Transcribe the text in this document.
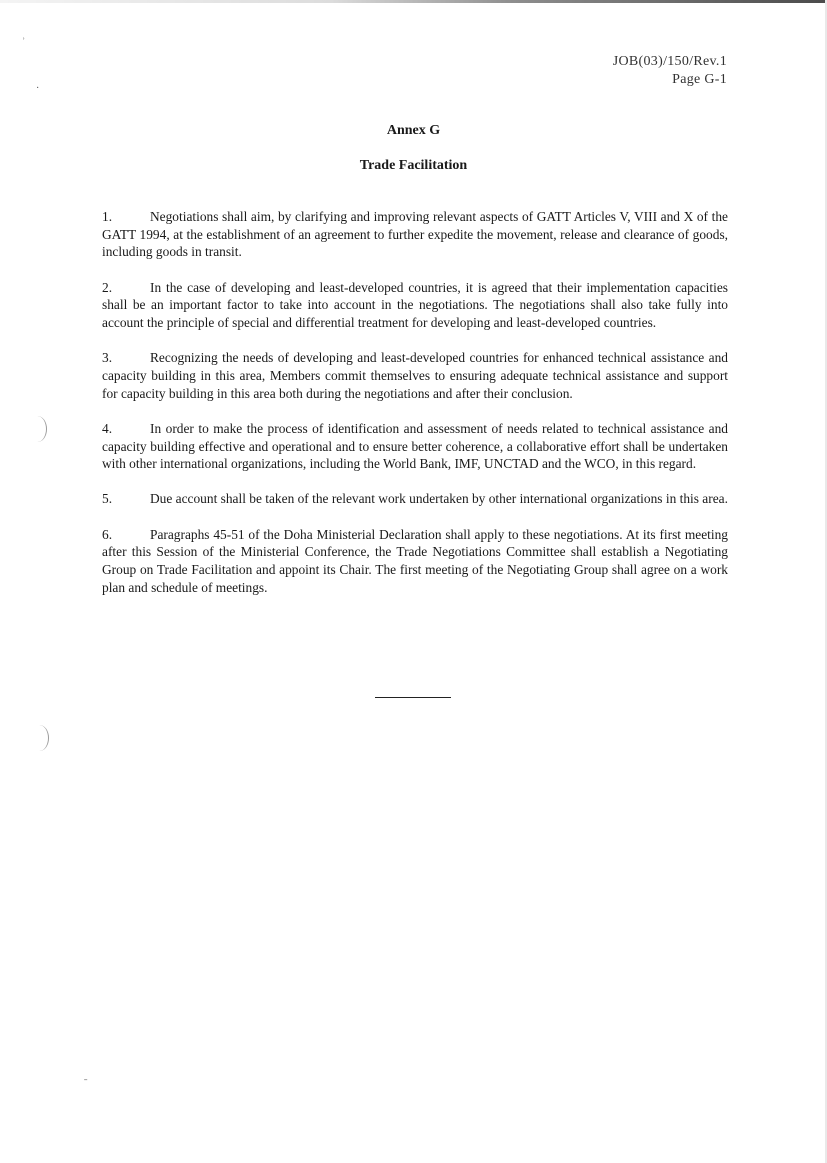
˒
·
˗
JOB(03)/150/Rev.1
Page G-1
Annex G
Trade Facilitation

1.	Negotiations shall aim, by clarifying and improving relevant aspects of GATT Articles V, VIII and X of the GATT 1994, at the establishment of an agreement to further expedite the movement, release and clearance of goods, including goods in transit.

2.	In the case of developing and least-developed countries, it is agreed that their implementation capacities shall be an important factor to take into account in the negotiations. The negotiations shall also take fully into account the principle of special and differential treatment for developing and least-developed countries.

3.	Recognizing the needs of developing and least-developed countries for enhanced technical assistance and capacity building in this area, Members commit themselves to ensuring adequate technical assistance and support for capacity building in this area both during the negotiations and after their conclusion.

4.	In order to make the process of identification and assessment of needs related to technical assistance and capacity building effective and operational and to ensure better coherence, a collaborative effort shall be undertaken with other international organizations, including the World Bank, IMF, UNCTAD and the WCO, in this regard.

5.	Due account shall be taken of the relevant work undertaken by other international organizations in this area.

6.	Paragraphs 45-51 of the Doha Ministerial Declaration shall apply to these negotiations. At its first meeting after this Session of the Ministerial Conference, the Trade Negotiations Committee shall establish a Negotiating Group on Trade Facilitation and appoint its Chair. The first meeting of the Negotiating Group shall agree on a work plan and schedule of meetings.
